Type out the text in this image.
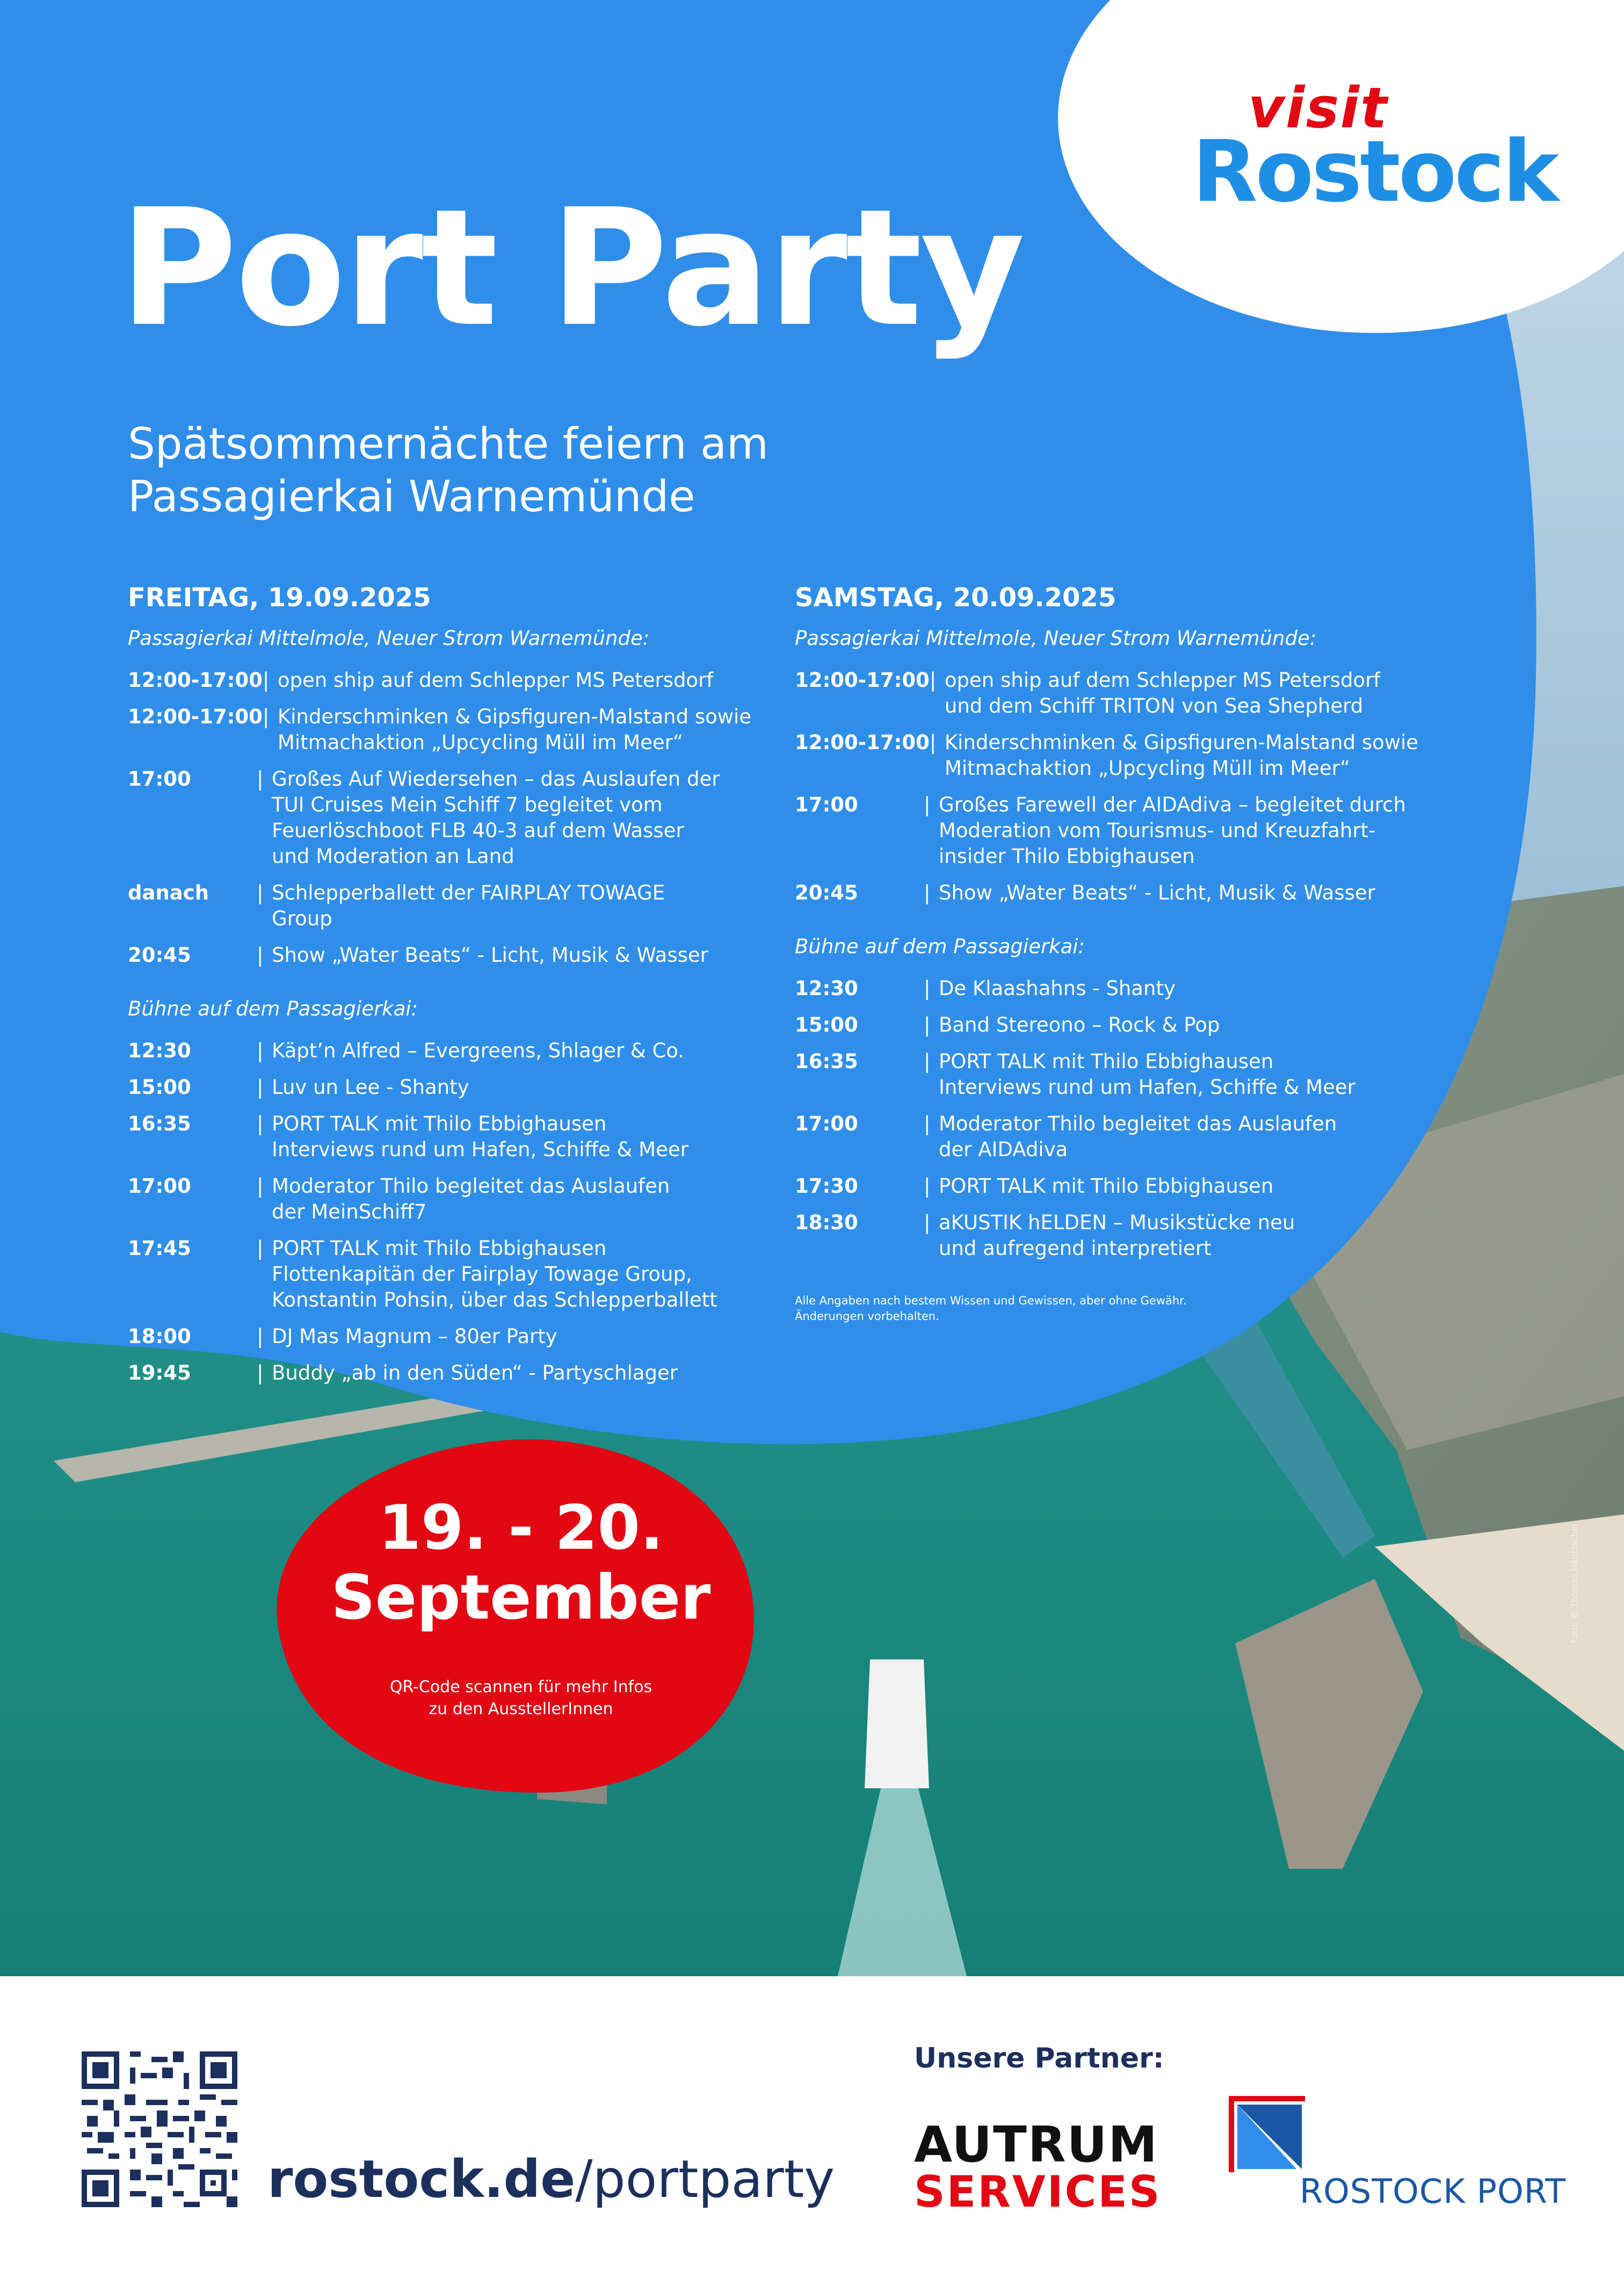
visit
Rostock
Port Party

Spätsommernächte feiern am Passagierkai Warnemünde

FREITAG, 19.09.2025

Passagierkai Mittelmole, Neuer Strom Warnemünde:

12:00-17:00 | open ship auf dem Schlepper MS Petersdorf
12:00-17:00 | Kinderschminken & Gipsfiguren-Malstand sowie
Mitmachaktion „Upcycling Müll im Meer“
17:00	| Großes Auf Wiedersehen – das Auslaufen der
TUI Cruises Mein Schiff 7 begleitet vom
Feuerlöschboot FLB 40-3 auf dem Wasser
und Moderation an Land
danach	| Schlepperballett der FAIRPLAY TOWAGE
Group
20:45	| Show „Water Beats“ - Licht, Musik & Wasser

Bühne auf dem Passagierkai:

12:30	| Käpt’n Alfred – Evergreens, Shlager & Co.
15:00	| Luv un Lee - Shanty
16:35	| PORT TALK mit Thilo Ebbighausen
Interviews rund um Hafen, Schiffe & Meer
17:00	| Moderator Thilo begleitet das Auslaufen
der MeinSchiff7
17:45	| PORT TALK mit Thilo Ebbighausen
Flottenkapitän der Fairplay Towage Group,
Konstantin Pohsin, über das Schlepperballett
18:00	| DJ Mas Magnum – 80er Party
19:45	| Buddy „ab in den Süden“ - Partyschlager
SAMSTAG, 20.09.2025

Passagierkai Mittelmole, Neuer Strom Warnemünde:

12:00-17:00 | open ship auf dem Schlepper MS Petersdorf
und dem Schiff TRITON von Sea Shepherd
12:00-17:00 | Kinderschminken & Gipsfiguren-Malstand sowie
Mitmachaktion „Upcycling Müll im Meer“
17:00	| Großes Farewell der AIDAdiva – begleitet durch
Moderation vom Tourismus- und Kreuzfahrt-
insider Thilo Ebbighausen
20:45	| Show „Water Beats“ - Licht, Musik & Wasser

Bühne auf dem Passagierkai:

12:30	| De Klaashahns - Shanty
15:00	| Band Stereono – Rock & Pop
16:35	| PORT TALK mit Thilo Ebbighausen
Interviews rund um Hafen, Schiffe & Meer
17:00	| Moderator Thilo begleitet das Auslaufen
der AIDAdiva
17:30	| PORT TALK mit Thilo Ebbighausen
18:30	| aKUSTIK hELDEN – Musikstücke neu
und aufregend interpretiert

Alle Angaben nach bestem Wissen und Gewissen, aber ohne Gewähr.
Änderungen vorbehalten.

19. - 20.
September

QR-Code scannen für mehr Infos
zu den AusstellerInnen

Foto: © Thomas Häntzschel

rostock.de/portparty

Unsere Partner:

AUTRUM
SERVICES	ROSTOCK PORT
